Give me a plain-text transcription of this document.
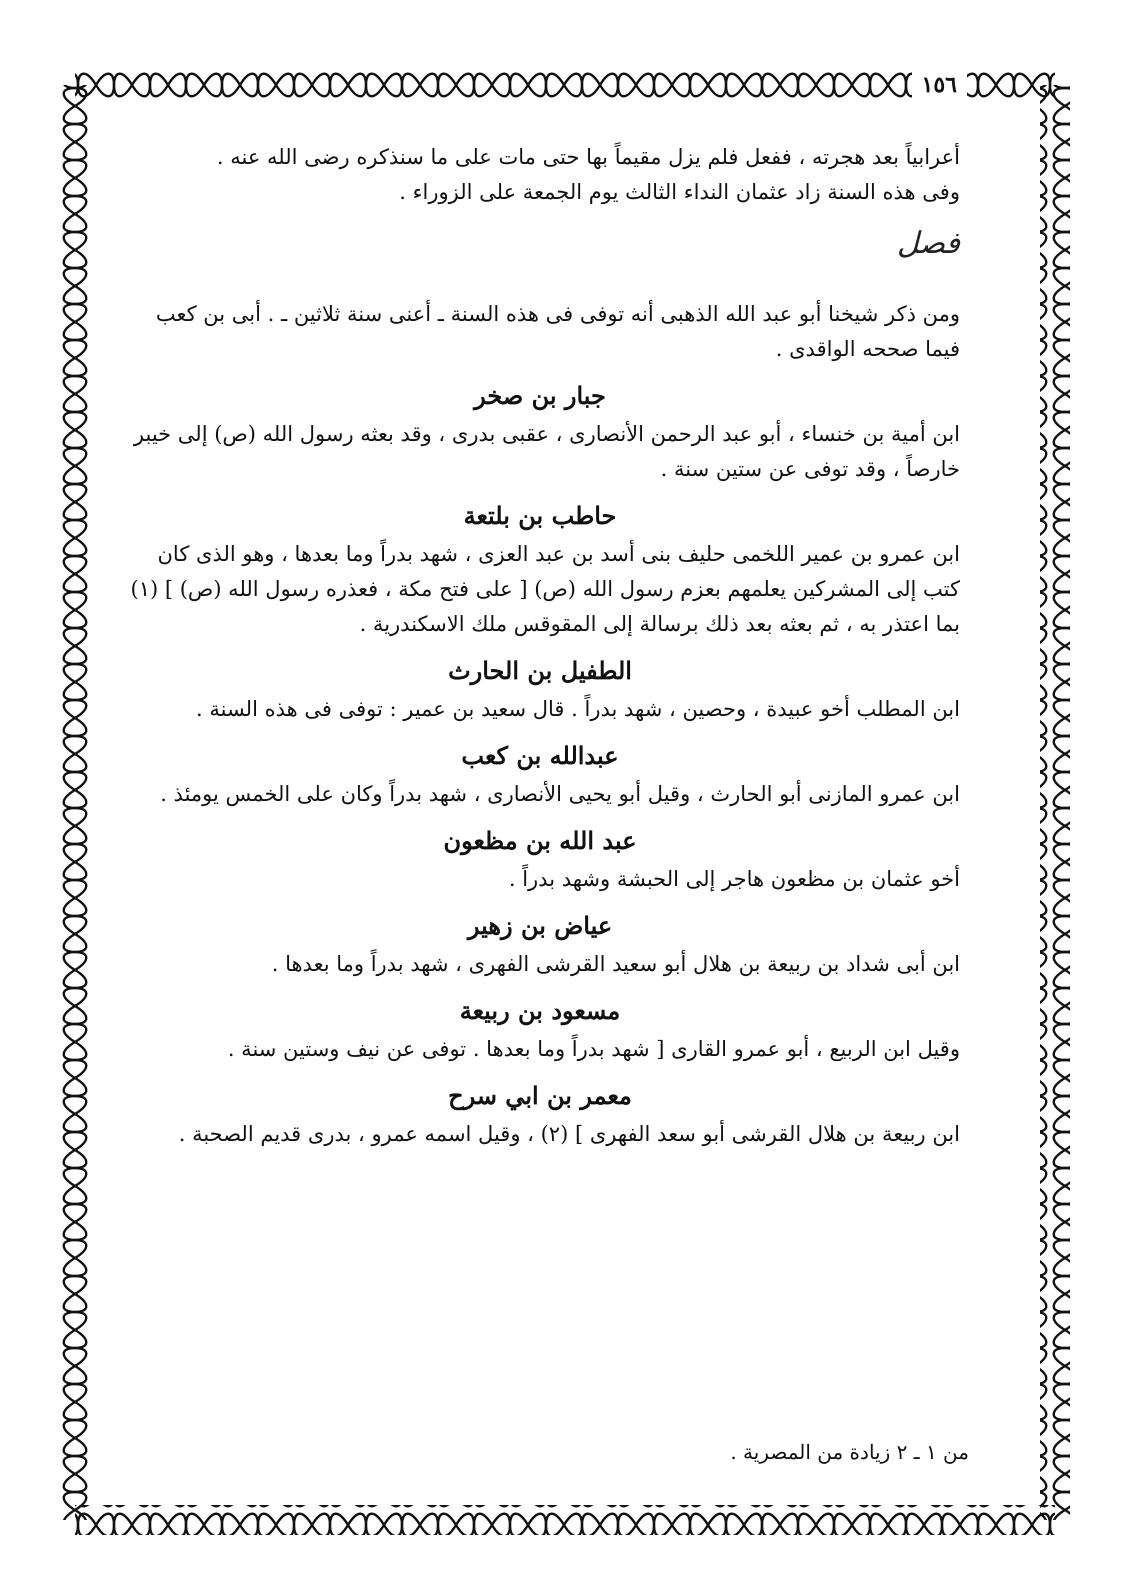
١٥٦

أعرابياً بعد هجرته ، ففعل فلم يزل مقيماً بها حتى مات على ما سنذكره رضى الله عنه .

وفى هذه السنة زاد عثمان النداء الثالث يوم الجمعة على الزوراء .

فصل

ومن ذكر شيخنا أبو عبد الله الذهبى أنه توفى فى هذه السنة ـ أعنى سنة ثلاثين ـ . أبى بن كعب فيما صححه الواقدى .

جبار بن صخر

ابن أمية بن خنساء ، أبو عبد الرحمن الأنصارى ، عقبى بدرى ، وقد بعثه رسول الله (ص) إلى خيبر خارصاً ، وقد توفى عن ستين سنة .

حاطب بن بلتعة

ابن عمرو بن عمير اللخمى حليف بنى أسد بن عبد العزى ، شهد بدراً وما بعدها ، وهو الذى كان كتب إلى المشركين يعلمهم بعزم رسول الله (ص) [ على فتح مكة ، فعذره رسول الله (ص) ] (١) بما اعتذر به ، ثم بعثه بعد ذلك برسالة إلى المقوقس ملك الاسكندرية .

الطفيل بن الحارث

ابن المطلب أخو عبيدة ، وحصين ، شهد بدراً . قال سعيد بن عمير : توفى فى هذه السنة .

عبدالله بن كعب

ابن عمرو المازنى أبو الحارث ، وقيل أبو يحيى الأنصارى ، شهد بدراً وكان على الخمس يومئذ .

عبد الله بن مظعون

أخو عثمان بن مظعون هاجر إلى الحبشة وشهد بدراً .

عياض بن زهير

ابن أبى شداد بن ربيعة بن هلال أبو سعيد القرشى الفهرى ، شهد بدراً وما بعدها .

مسعود بن ربيعة

وقيل ابن الربيع ، أبو عمرو القارى [ شهد بدراً وما بعدها . توفى عن نيف وستين سنة .

معمر بن ابي سرح

ابن ربيعة بن هلال القرشى أبو سعد الفهرى ] (٢) ، وقيل اسمه عمرو ، بدرى قديم الصحبة .

من ١ ـ ٢ زيادة من المصرية .
